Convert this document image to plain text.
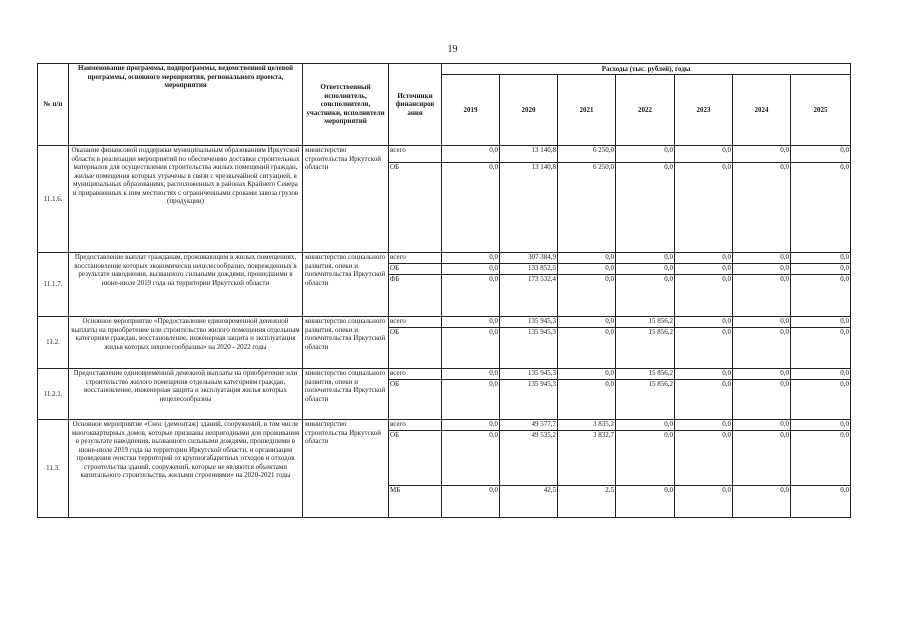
19
№ п/п	Наименование программы, подпрограммы, ведомственной целевой программы, основного мероприятия, регионального проекта, мероприятия	Ответственный исполнитель, соисполнители, участники, исполнители мероприятий	Источники финансиров ания	Расходы (тыс. рублей), годы						
				2019	2020	2021	2022	2023	2024	2025
11.1.6.	Оказание финансовой поддержки муниципальным образованиям Иркутской области в реализации мероприятий по обеспечению доставки строительных материалов для осуществления строительства жилых помещений граждан, жилые помещения которых утрачены в связи с чрезвычайной ситуацией, в муниципальных образованиях, расположенных в районах Крайнего Севера и приравненных к ним местностях с ограниченными сроками завоза грузов (продукции)	министерство строительства Иркутской области	всего	0,0	13 140,8	6 250,0	0,0	0,0	0,0	0,0
			ОБ	0,0	13 140,8	6 250,0	0,0	0,0	0,0	0,0
11.1.7.	Предоставление выплат гражданам, проживающим в жилых помещениях, восстановление которых экономически нецелесообразно, поврежденных в результате наводнения, вызванного сильными дождями, прошедшими в июне-июле 2019 года на территории Иркутской области	министерство социального развития, опеки и попечительства Иркутской области	всего	0,0	307 384,9	0,0	0,0	0,0	0,0	0,0
			ОБ	0,0	133 852,5	0,0	0,0	0,0	0,0	0,0
			ФБ	0,0	173 532,4	0,0	0,0	0,0	0,0	0,0
11.2.	Основное мероприятие «Предоставление единовременной денежной выплаты на приобретение или строительство жилого помещения отдельным категориям граждан, восстановление, инженерная защита и эксплуатация жилья которых нецелесообразны» на 2020 - 2022 годы	министерство социального развития, опеки и попечительства Иркутской области	всего	0,0	135 945,3	0,0	15 856,2	0,0	0,0	0,0
			ОБ	0,0	135 945,3	0,0	15 856,2	0,0	0,0	0,0
11.2.1.	Предоставление единовременной денежной выплаты на приобретение или строительство жилого помещения отдельным категориям граждан, восстановление, инженерная защита и эксплуатация жилья которых нецелесообразны	министерство социального развития, опеки и попечительства Иркутской области	всего	0,0	135 945,3	0,0	15 856,2	0,0	0,0	0,0
			ОБ	0,0	135 945,3	0,0	15 856,2	0,0	0,0	0,0
11.3.	Основное мероприятие «Снос (демонтаж) зданий, сооружений, в том числе многоквартирных домов, которые признаны непригодными для проживания в результате наводнения, вызванного сильными дождями, прошедшими в июне-июле 2019 года на территории Иркутской области, и организация проведения очистки территорий от крупногабаритных отходов и отходов строительства зданий, сооружений, которые не являются объектами капитального строительства, жилыми строениями» на 2020-2021 годы	министерство строительства Иркутской области	всего	0,0	49 577,7	3 835,2	0,0	0,0	0,0	0,0
			ОБ	0,0	49 535,2	3 832,7	0,0	0,0	0,0	0,0
			МБ	0,0	42,5	2,5	0,0	0,0	0,0	0,0
